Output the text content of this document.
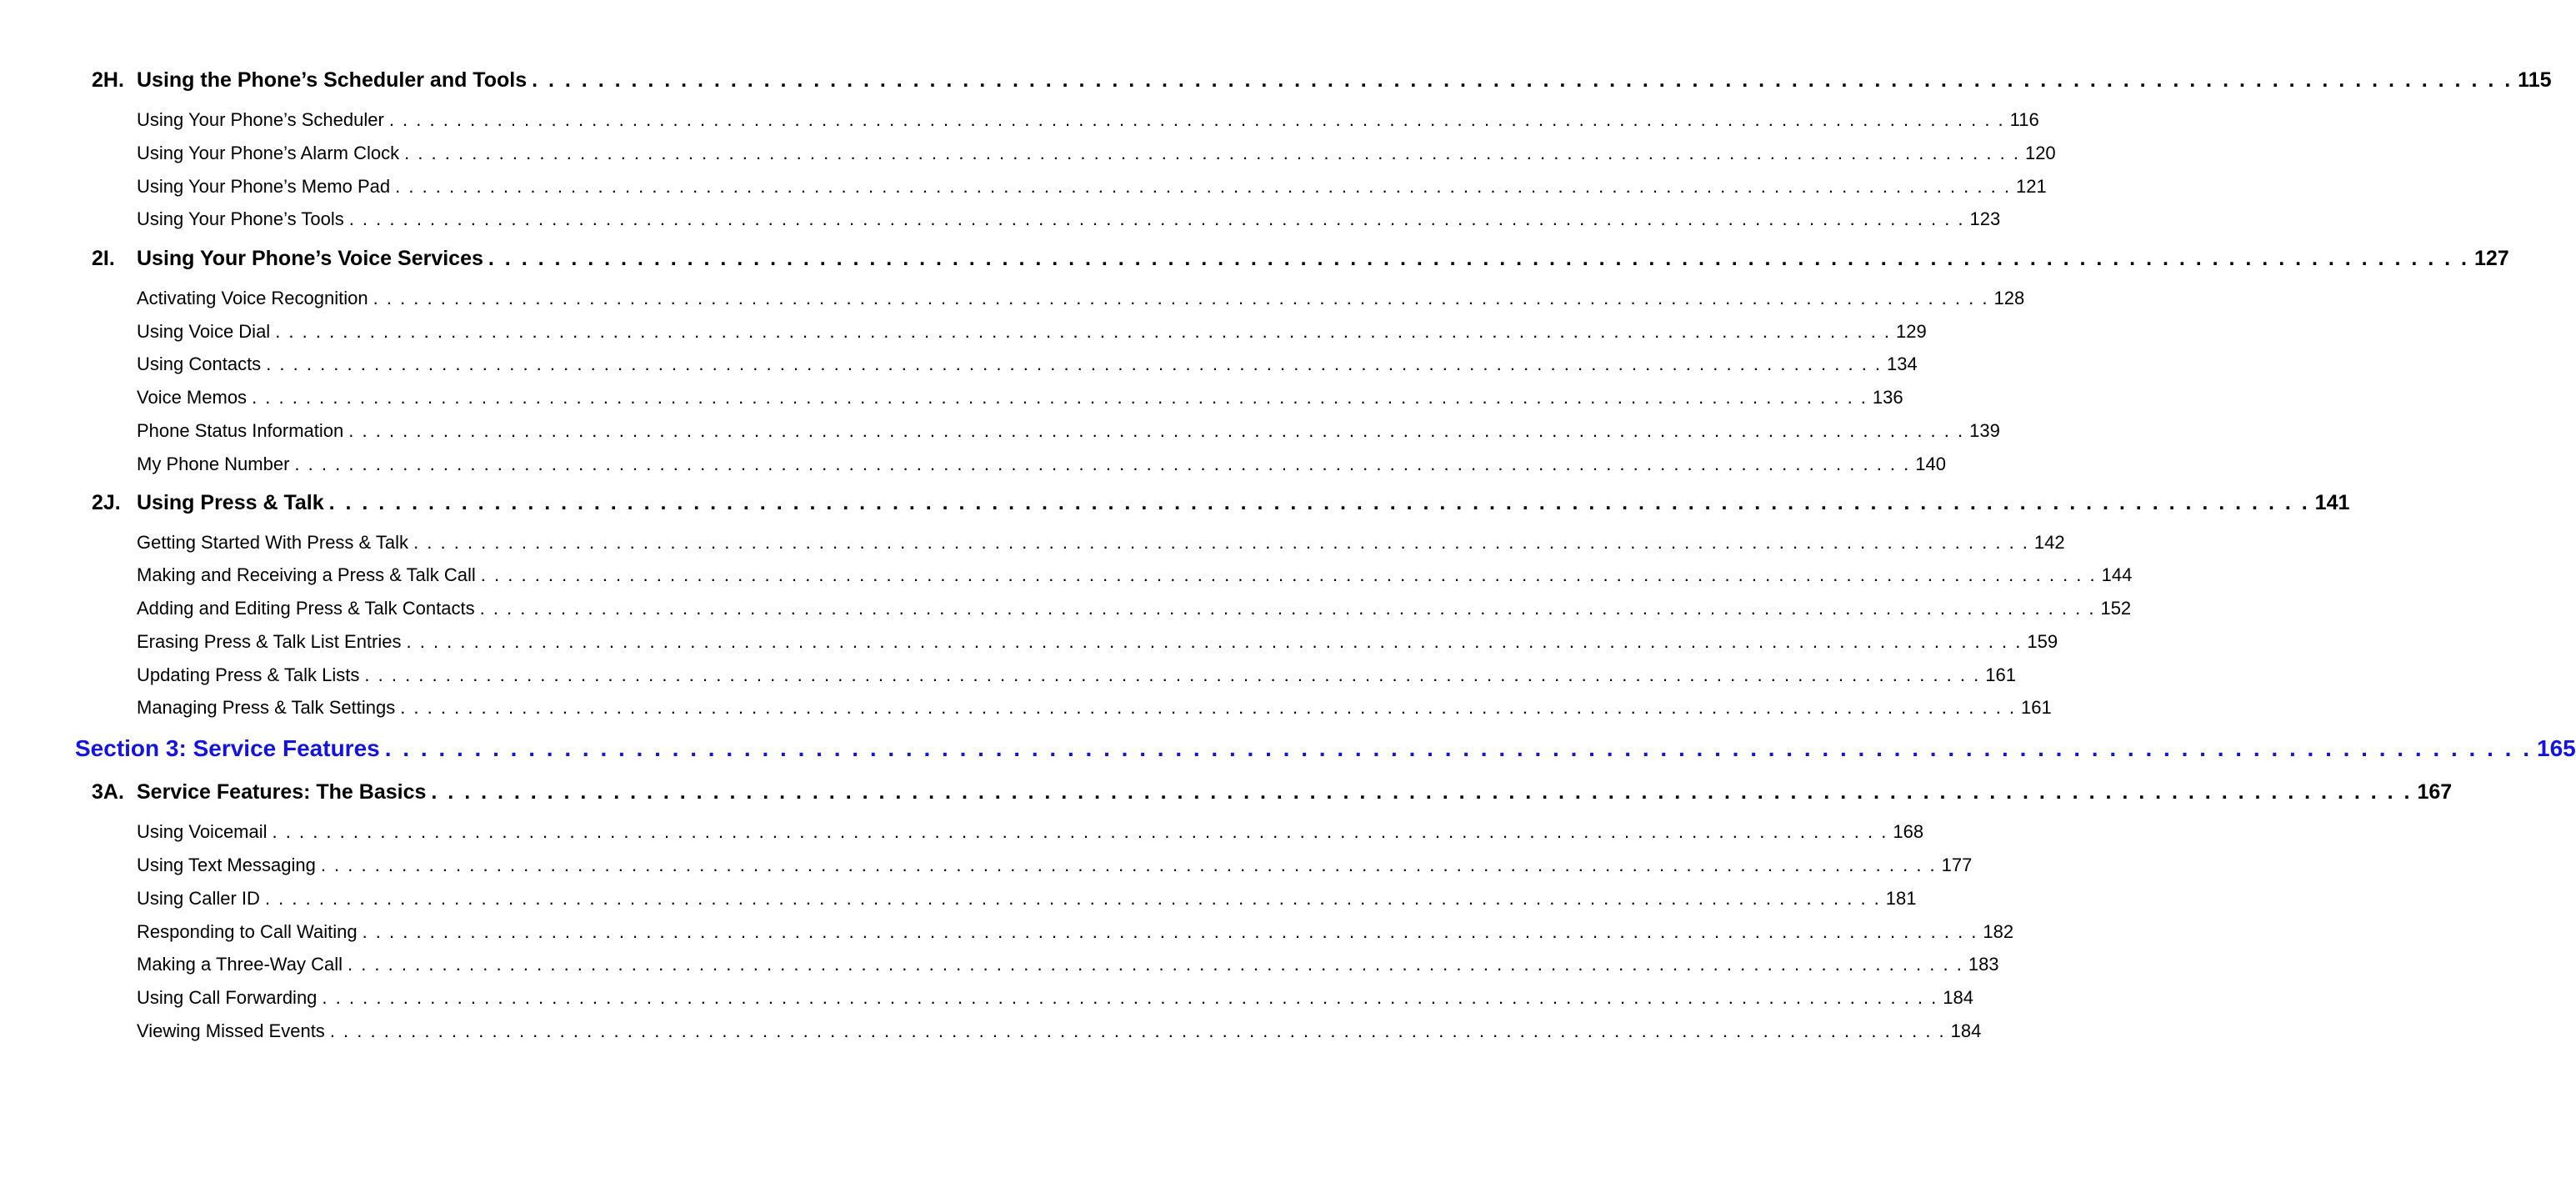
2H. Using the Phone’s Scheduler and Tools . . . . . . . . . . . . . . . . . . . . . . . . . . . . . . . . . . . . . . . . . . . . . . . . . . . . . . . . . . . . . . . . . . . . . . . . . . . . . . . . . . . . . . . . . . . . . . . . . . . . . . . . . . . . . . . . . . . . . . . . 115
Using Your Phone’s Scheduler . . . . . . . . . . . . . . . . . . . . . . . . . . . . . . . . . . . . . . . . . . . . . . . . . . . . . . . . . . . . . . . . . . . . . . . . . . . . . . . . . . . . . . . . . . . . . . . . . . . . . . . . . . . . . . . . . . . . . . . . 116
Using Your Phone’s Alarm Clock . . . . . . . . . . . . . . . . . . . . . . . . . . . . . . . . . . . . . . . . . . . . . . . . . . . . . . . . . . . . . . . . . . . . . . . . . . . . . . . . . . . . . . . . . . . . . . . . . . . . . . . . . . . . . . . . . . . . . . . . 120
Using Your Phone’s Memo Pad . . . . . . . . . . . . . . . . . . . . . . . . . . . . . . . . . . . . . . . . . . . . . . . . . . . . . . . . . . . . . . . . . . . . . . . . . . . . . . . . . . . . . . . . . . . . . . . . . . . . . . . . . . . . . . . . . . . . . . . . 121
Using Your Phone’s Tools . . . . . . . . . . . . . . . . . . . . . . . . . . . . . . . . . . . . . . . . . . . . . . . . . . . . . . . . . . . . . . . . . . . . . . . . . . . . . . . . . . . . . . . . . . . . . . . . . . . . . . . . . . . . . . . . . . . . . . . . 123
2I.	Using Your Phone’s Voice Services . . . . . . . . . . . . . . . . . . . . . . . . . . . . . . . . . . . . . . . . . . . . . . . . . . . . . . . . . . . . . . . . . . . . . . . . . . . . . . . . . . . . . . . . . . . . . . . . . . . . . . . . . . . . . . . . . . . . . . . . 127
Activating Voice Recognition . . . . . . . . . . . . . . . . . . . . . . . . . . . . . . . . . . . . . . . . . . . . . . . . . . . . . . . . . . . . . . . . . . . . . . . . . . . . . . . . . . . . . . . . . . . . . . . . . . . . . . . . . . . . . . . . . . . . . . . . 128
Using Voice Dial . . . . . . . . . . . . . . . . . . . . . . . . . . . . . . . . . . . . . . . . . . . . . . . . . . . . . . . . . . . . . . . . . . . . . . . . . . . . . . . . . . . . . . . . . . . . . . . . . . . . . . . . . . . . . . . . . . . . . . . . 129
Using Contacts . . . . . . . . . . . . . . . . . . . . . . . . . . . . . . . . . . . . . . . . . . . . . . . . . . . . . . . . . . . . . . . . . . . . . . . . . . . . . . . . . . . . . . . . . . . . . . . . . . . . . . . . . . . . . . . . . . . . . . . . 134
Voice Memos . . . . . . . . . . . . . . . . . . . . . . . . . . . . . . . . . . . . . . . . . . . . . . . . . . . . . . . . . . . . . . . . . . . . . . . . . . . . . . . . . . . . . . . . . . . . . . . . . . . . . . . . . . . . . . . . . . . . . . . . 136
Phone Status Information . . . . . . . . . . . . . . . . . . . . . . . . . . . . . . . . . . . . . . . . . . . . . . . . . . . . . . . . . . . . . . . . . . . . . . . . . . . . . . . . . . . . . . . . . . . . . . . . . . . . . . . . . . . . . . . . . . . . . . . . 139
My Phone Number . . . . . . . . . . . . . . . . . . . . . . . . . . . . . . . . . . . . . . . . . . . . . . . . . . . . . . . . . . . . . . . . . . . . . . . . . . . . . . . . . . . . . . . . . . . . . . . . . . . . . . . . . . . . . . . . . . . . . . . . 140
2J. Using Press & Talk . . . . . . . . . . . . . . . . . . . . . . . . . . . . . . . . . . . . . . . . . . . . . . . . . . . . . . . . . . . . . . . . . . . . . . . . . . . . . . . . . . . . . . . . . . . . . . . . . . . . . . . . . . . . . . . . . . . . . . . . 141
Getting Started With Press & Talk . . . . . . . . . . . . . . . . . . . . . . . . . . . . . . . . . . . . . . . . . . . . . . . . . . . . . . . . . . . . . . . . . . . . . . . . . . . . . . . . . . . . . . . . . . . . . . . . . . . . . . . . . . . . . . . . . . . . . . . . 142
Making and Receiving a Press & Talk Call . . . . . . . . . . . . . . . . . . . . . . . . . . . . . . . . . . . . . . . . . . . . . . . . . . . . . . . . . . . . . . . . . . . . . . . . . . . . . . . . . . . . . . . . . . . . . . . . . . . . . . . . . . . . . . . . . . . . . . . . 144
Adding and Editing Press & Talk Contacts . . . . . . . . . . . . . . . . . . . . . . . . . . . . . . . . . . . . . . . . . . . . . . . . . . . . . . . . . . . . . . . . . . . . . . . . . . . . . . . . . . . . . . . . . . . . . . . . . . . . . . . . . . . . . . . . . . . . . . . . 152
Erasing Press & Talk List Entries . . . . . . . . . . . . . . . . . . . . . . . . . . . . . . . . . . . . . . . . . . . . . . . . . . . . . . . . . . . . . . . . . . . . . . . . . . . . . . . . . . . . . . . . . . . . . . . . . . . . . . . . . . . . . . . . . . . . . . . . 159
Updating Press & Talk Lists . . . . . . . . . . . . . . . . . . . . . . . . . . . . . . . . . . . . . . . . . . . . . . . . . . . . . . . . . . . . . . . . . . . . . . . . . . . . . . . . . . . . . . . . . . . . . . . . . . . . . . . . . . . . . . . . . . . . . . . . 161
Managing Press & Talk Settings . . . . . . . . . . . . . . . . . . . . . . . . . . . . . . . . . . . . . . . . . . . . . . . . . . . . . . . . . . . . . . . . . . . . . . . . . . . . . . . . . . . . . . . . . . . . . . . . . . . . . . . . . . . . . . . . . . . . . . . . 161
Section 3: Service Features . . . . . . . . . . . . . . . . . . . . . . . . . . . . . . . . . . . . . . . . . . . . . . . . . . . . . . . . . . . . . . . . . . . . . . . . . . . . . . . . . . . . . . . . . . . . . . . . . . . . . . . . . . . . . . . . . . . . . . . . 165
3A. Service Features: The Basics . . . . . . . . . . . . . . . . . . . . . . . . . . . . . . . . . . . . . . . . . . . . . . . . . . . . . . . . . . . . . . . . . . . . . . . . . . . . . . . . . . . . . . . . . . . . . . . . . . . . . . . . . . . . . . . . . . . . . . . . 167
Using Voicemail . . . . . . . . . . . . . . . . . . . . . . . . . . . . . . . . . . . . . . . . . . . . . . . . . . . . . . . . . . . . . . . . . . . . . . . . . . . . . . . . . . . . . . . . . . . . . . . . . . . . . . . . . . . . . . . . . . . . . . . . 168
Using Text Messaging . . . . . . . . . . . . . . . . . . . . . . . . . . . . . . . . . . . . . . . . . . . . . . . . . . . . . . . . . . . . . . . . . . . . . . . . . . . . . . . . . . . . . . . . . . . . . . . . . . . . . . . . . . . . . . . . . . . . . . . . 177
Using Caller ID . . . . . . . . . . . . . . . . . . . . . . . . . . . . . . . . . . . . . . . . . . . . . . . . . . . . . . . . . . . . . . . . . . . . . . . . . . . . . . . . . . . . . . . . . . . . . . . . . . . . . . . . . . . . . . . . . . . . . . . . 181
Responding to Call Waiting . . . . . . . . . . . . . . . . . . . . . . . . . . . . . . . . . . . . . . . . . . . . . . . . . . . . . . . . . . . . . . . . . . . . . . . . . . . . . . . . . . . . . . . . . . . . . . . . . . . . . . . . . . . . . . . . . . . . . . . . 182
Making a Three-Way Call . . . . . . . . . . . . . . . . . . . . . . . . . . . . . . . . . . . . . . . . . . . . . . . . . . . . . . . . . . . . . . . . . . . . . . . . . . . . . . . . . . . . . . . . . . . . . . . . . . . . . . . . . . . . . . . . . . . . . . . . 183
Using Call Forwarding . . . . . . . . . . . . . . . . . . . . . . . . . . . . . . . . . . . . . . . . . . . . . . . . . . . . . . . . . . . . . . . . . . . . . . . . . . . . . . . . . . . . . . . . . . . . . . . . . . . . . . . . . . . . . . . . . . . . . . . . 184
Viewing Missed Events . . . . . . . . . . . . . . . . . . . . . . . . . . . . . . . . . . . . . . . . . . . . . . . . . . . . . . . . . . . . . . . . . . . . . . . . . . . . . . . . . . . . . . . . . . . . . . . . . . . . . . . . . . . . . . . . . . . . . . . . 184
